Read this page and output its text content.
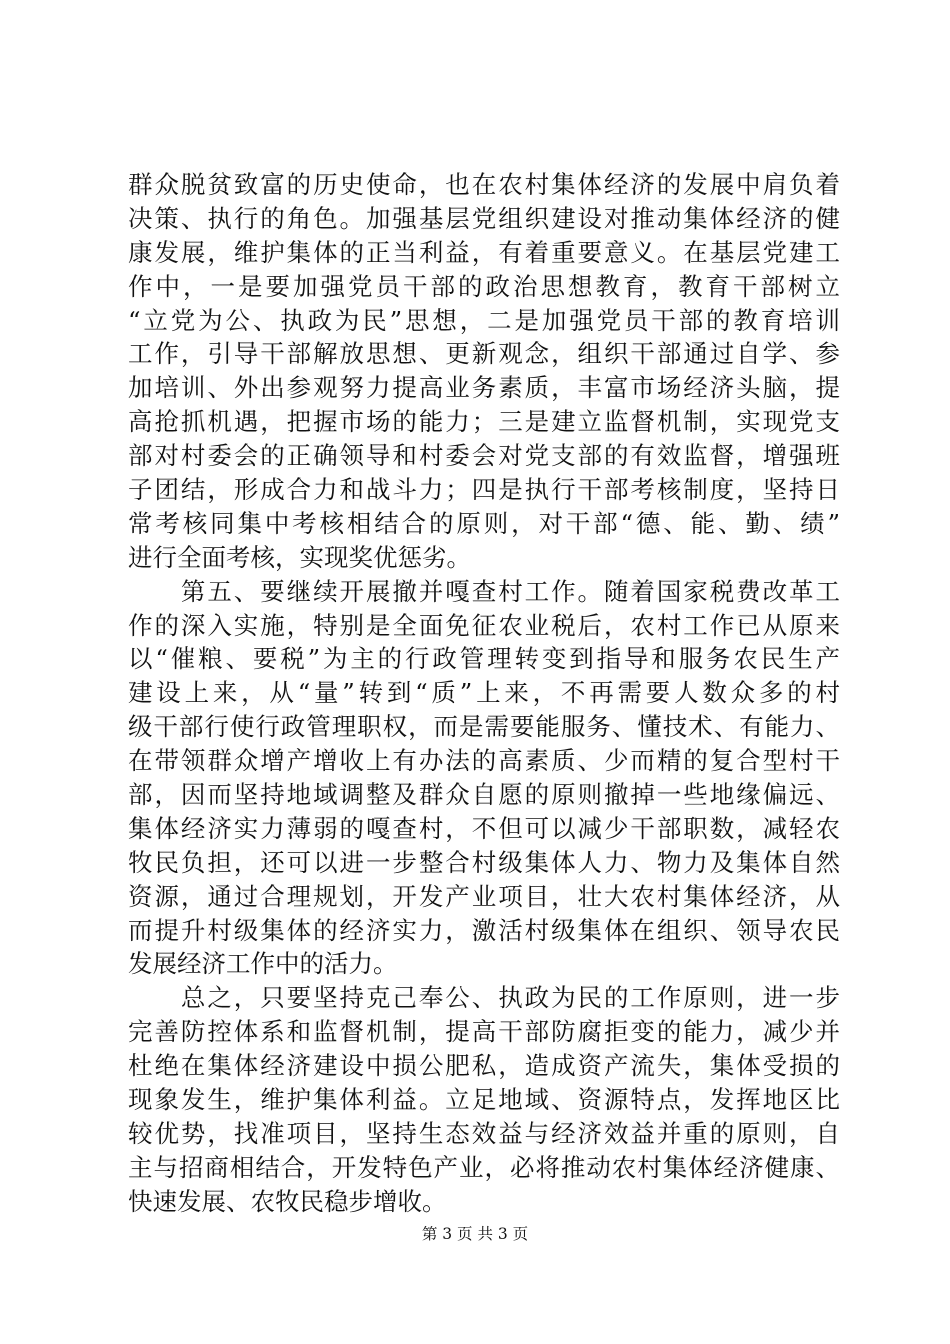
群众脱贫致富的历史使命，也在农村集体经济的发展中肩负着
决策、执行的角色。加强基层党组织建设对推动集体经济的健
康发展，维护集体的正当利益，有着重要意义。在基层党建工
作中，一是要加强党员干部的政治思想教育，教育干部树立
“立党为公、执政为民”思想，二是加强党员干部的教育培训
工作，引导干部解放思想、更新观念，组织干部通过自学、参
加培训、外出参观努力提高业务素质，丰富市场经济头脑，提
高抢抓机遇，把握市场的能力；三是建立监督机制，实现党支
部对村委会的正确领导和村委会对党支部的有效监督，增强班
子团结，形成合力和战斗力；四是执行干部考核制度，坚持日
常考核同集中考核相结合的原则，对干部“德、能、勤、绩”
进行全面考核，实现奖优惩劣。
　　第五、要继续开展撤并嘎查村工作。随着国家税费改革工
作的深入实施，特别是全面免征农业税后，农村工作已从原来
以“催粮、要税”为主的行政管理转变到指导和服务农民生产
建设上来，从“量”转到“质”上来，不再需要人数众多的村
级干部行使行政管理职权，而是需要能服务、懂技术、有能力、
在带领群众增产增收上有办法的高素质、少而精的复合型村干
部，因而坚持地域调整及群众自愿的原则撤掉一些地缘偏远、
集体经济实力薄弱的嘎查村，不但可以减少干部职数，减轻农
牧民负担，还可以进一步整合村级集体人力、物力及集体自然
资源，通过合理规划，开发产业项目，壮大农村集体经济，从
而提升村级集体的经济实力，激活村级集体在组织、领导农民
发展经济工作中的活力。
　　总之，只要坚持克己奉公、执政为民的工作原则，进一步
完善防控体系和监督机制，提高干部防腐拒变的能力，减少并
杜绝在集体经济建设中损公肥私，造成资产流失，集体受损的
现象发生，维护集体利益。立足地域、资源特点，发挥地区比
较优势，找准项目，坚持生态效益与经济效益并重的原则，自
主与招商相结合，开发特色产业，必将推动农村集体经济健康、
快速发展、农牧民稳步增收。
第 3 页 共 3 页
